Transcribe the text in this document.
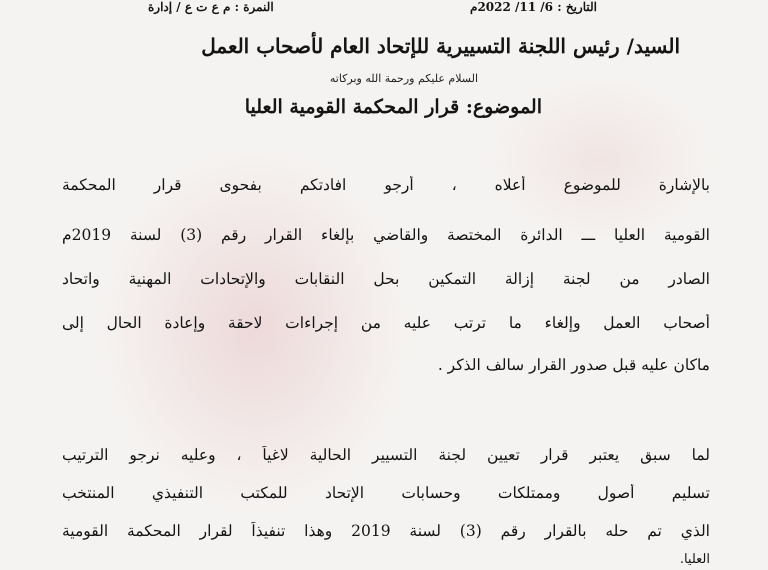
التاريخ : 6/ 11/ 2022م
النمرة : م ع ت ع / إدارة
السيد/ رئيس اللجنة التسييرية للإتحاد العام لأصحاب العمل
السلام عليكم ورحمة الله وبركاته
الموضوع: قرار المحكمة القومية العليا
بالإشارة للموضوع أعلاه ، أرجو افادتكم بفحوى قرار المحكمة
القومية العليا ـــ الدائرة المختصة والقاضي بإلغاء القرار رقم (3) لسنة 2019م
الصادر من لجنة إزالة التمكين بحل النقابات والإتحادات المهنية واتحاد
أصحاب العمل وإلغاء ما ترتب عليه من إجراءات لاحقة وإعادة الحال إلى
ماكان عليه قبل صدور القرار سالف الذكر .
لما سبق يعتبر قرار تعيين لجنة التسيير الحالية لاغياً ، وعليه نرجو الترتيب
تسليم أصول وممتلكات وحسابات الإتحاد للمكتب التنفيذي المنتخب
الذي تم حله بالقرار رقم (3) لسنة 2019 وهذا تنفيذاً لقرار المحكمة القومية
العليا.
